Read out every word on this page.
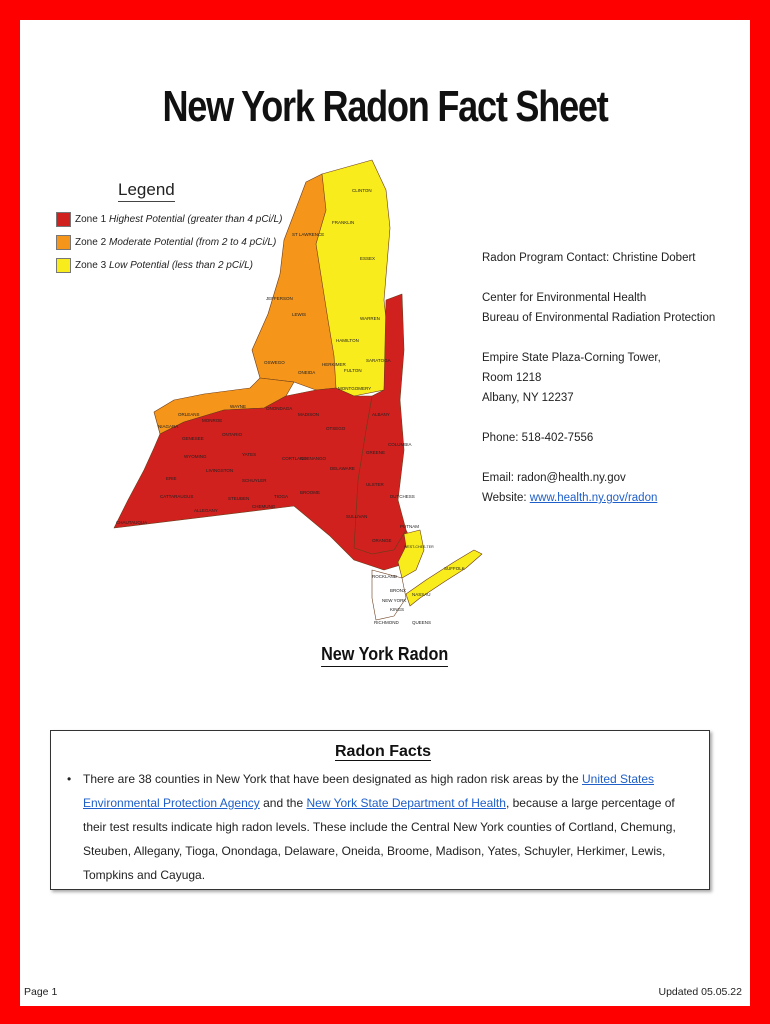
New York Radon Fact Sheet
CLINTON
FRANKLIN
ST LAWRENCE
ESSEX
JEFFERSON
LEWIS
WARREN
HAMILTON
OSWEGO
ONEIDA
HERKIMER
FULTON
SARATOGA
MONTGOMERY
NIAGARA
ORLEANS
MONROE
WAYNE	ONONDAGA
MADISON
ERIE
GENESEE
ONTARIO
OTSEGO
ALBANY
WYOMING
LIVINGSTON
YATES
CORTLAND
CHENANGO
DELAWARE
GREENE
COLUMBIA
SCHUYLER
TIOGA
BROOME
STEUBEN
CHEMUNG
ULSTER
DUTCHESS
ALLEGANY
CATTARAUGUS
CHAUTAUQUA
SULLIVAN
ORANGE
PUTNAM
WEST-CHES-TER
ROCKLAND
BRONX
NEW YORK
KINGS
RICHMOND	QUEENS
NASSAU
SUFFOLK
Legend
Zone 1 Highest Potential (greater than 4 pCi/L)
Zone 2 Moderate Potential (from 2 to 4 pCi/L)
Zone 3 Low Potential (less than 2 pCi/L)

Radon Program Contact: Christine Dobert

Center for Environmental Health

Bureau of Environmental Radiation Protection

Empire State Plaza-Corning Tower,

Room 1218

Albany, NY 12237

Phone: 518-402-7556

Email: radon@health.ny.gov

Website: www.health.ny.gov/radon

New York Radon
Radon Facts
• There are 38 counties in New York that have been designated as high radon risk areas by the United States Environmental Protection Agency and the New York State Department of Health, because a large percentage of their test results indicate high radon levels. These include the Central New York counties of Cortland, Chemung, Steuben, Allegany, Tioga, Onondaga, Delaware, Oneida, Broome, Madison, Yates, Schuyler, Herkimer, Lewis, Tompkins and Cayuga.
Page 1	Updated 05.05.22
